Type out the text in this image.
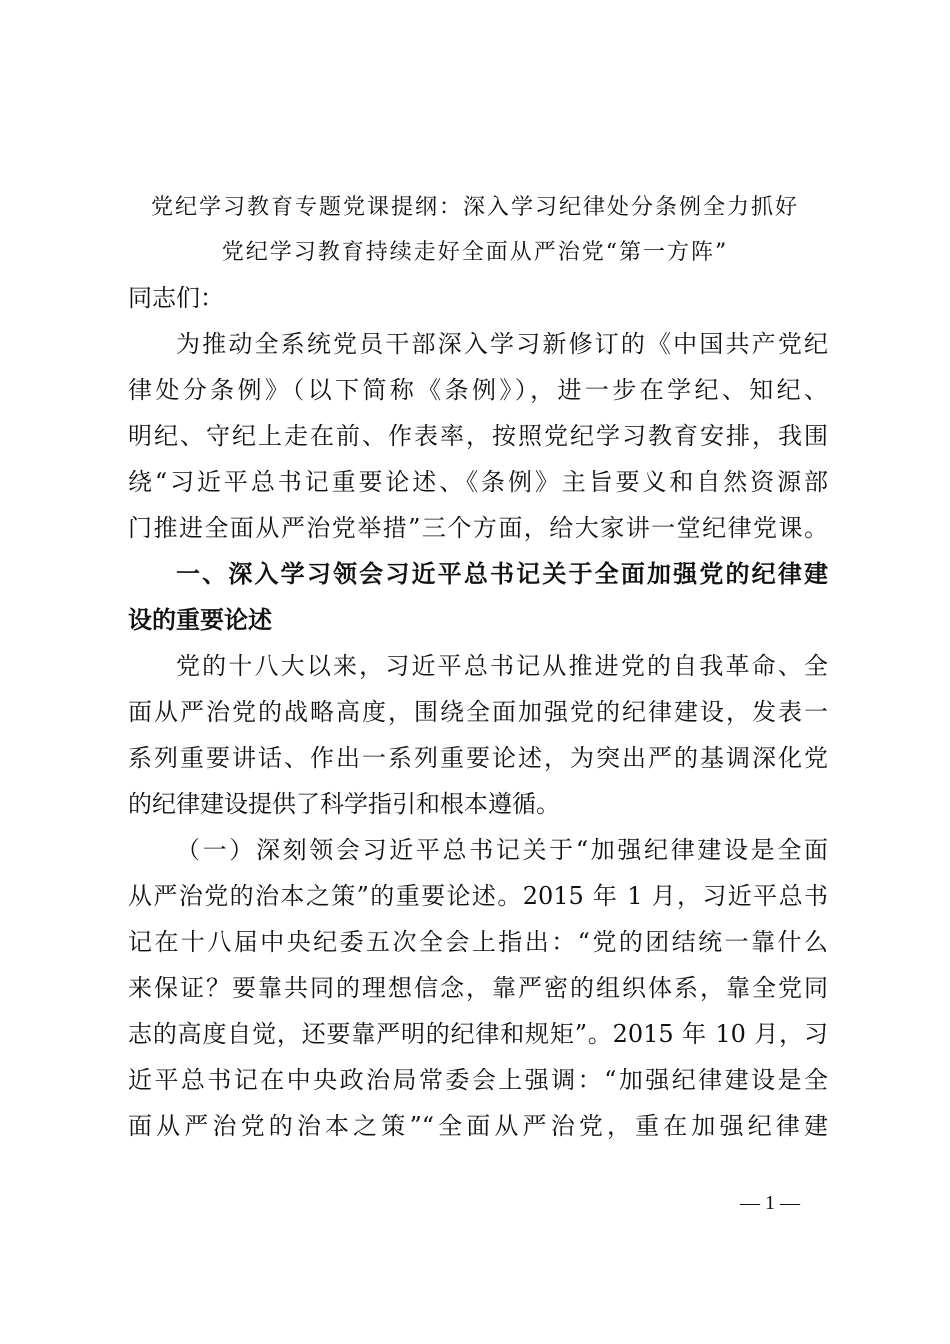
党纪学习教育专题党课提纲：深入学习纪律处分条例全力抓好
党纪学习教育持续走好全面从严治党“第一方阵”
同志们：
为推动全系统党员干部深入学习新修订的《中国共产党纪
律处分条例》（以下简称《条例》），进一步在学纪、知纪、
明纪、守纪上走在前、作表率，按照党纪学习教育安排，我围
绕“习近平总书记重要论述、《条例》主旨要义和自然资源部
门推进全面从严治党举措”三个方面，给大家讲一堂纪律党课。
一、深入学习领会习近平总书记关于全面加强党的纪律建
设的重要论述
党的十八大以来，习近平总书记从推进党的自我革命、全
面从严治党的战略高度，围绕全面加强党的纪律建设，发表一
系列重要讲话、作出一系列重要论述，为突出严的基调深化党
的纪律建设提供了科学指引和根本遵循。
（一）深刻领会习近平总书记关于“加强纪律建设是全面
从严治党的治本之策”的重要论述。2015 年 1 月，习近平总书
记在十八届中央纪委五次全会上指出：“党的团结统一靠什么
来保证？要靠共同的理想信念，靠严密的组织体系，靠全党同
志的高度自觉，还要靠严明的纪律和规矩”。2015 年 10 月，习
近平总书记在中央政治局常委会上强调：“加强纪律建设是全
面从严治党的治本之策”“全面从严治党，重在加强纪律建
— 1 —
